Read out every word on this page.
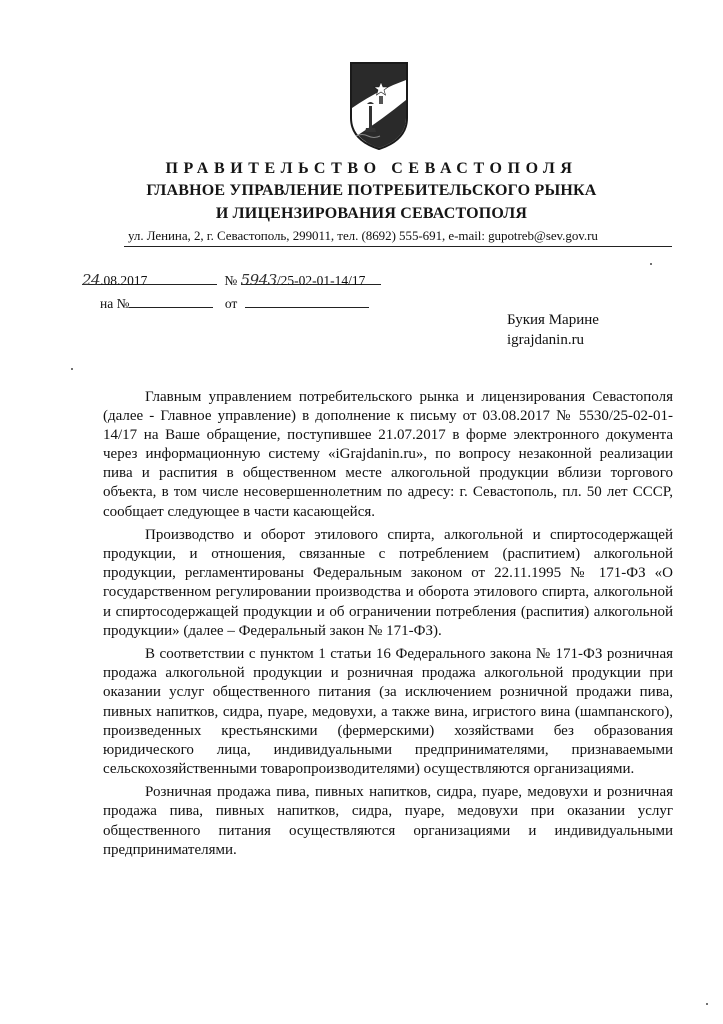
ПРАВИТЕЛЬСТВО СЕВАСТОПОЛЯ
ГЛАВНОЕ УПРАВЛЕНИЕ ПОТРЕБИТЕЛЬСКОГО РЫНКА
И ЛИЦЕНЗИРОВАНИЯ СЕВАСТОПОЛЯ
ул. Ленина, 2, г. Севастополь, 299011, тел. (8692) 555-691, e-mail: gupotreb@sev.gov.ru
24.08.2017	№ 5943/25-02-01-14/17
на №	от
Букия Марине
igrajdanin.ru

Главным управлением потребительского рынка и лицензирования Севастополя (далее - Главное управление) в дополнение к письму от 03.08.2017 № 5530/25-02-01-14/17 на Ваше обращение, поступившее 21.07.2017 в форме электронного документа через информационную систему «iGrajdanin.ru», по вопросу незаконной реализации пива и распития в общественном месте алкогольной продукции вблизи торгового объекта, в том числе несовершеннолетним по адресу: г. Севастополь, пл. 50 лет СССР, сообщает следующее в части касающейся.

Производство и оборот этилового спирта, алкогольной и спиртосодержащей продукции, и отношения, связанные с потреблением (распитием) алкогольной продукции, регламентированы Федеральным законом от 22.11.1995 № 171-ФЗ «О государственном регулировании производства и оборота этилового спирта, алкогольной и спиртосодержащей продукции и об ограничении потребления (распития) алкогольной продукции» (далее – Федеральный закон № 171-ФЗ).

В соответствии с пунктом 1 статьи 16 Федерального закона № 171-ФЗ розничная продажа алкогольной продукции и розничная продажа алкогольной продукции при оказании услуг общественного питания (за исключением розничной продажи пива, пивных напитков, сидра, пуаре, медовухи, а также вина, игристого вина (шампанского), произведенных крестьянскими (фермерскими) хозяйствами без образования юридического лица, индивидуальными предпринимателями, признаваемыми сельскохозяйственными товаропроизводителями) осуществляются организациями.

Розничная продажа пива, пивных напитков, сидра, пуаре, медовухи и розничная продажа пива, пивных напитков, сидра, пуаре, медовухи при оказании услуг общественного питания осуществляются организациями и индивидуальными предпринимателями.
